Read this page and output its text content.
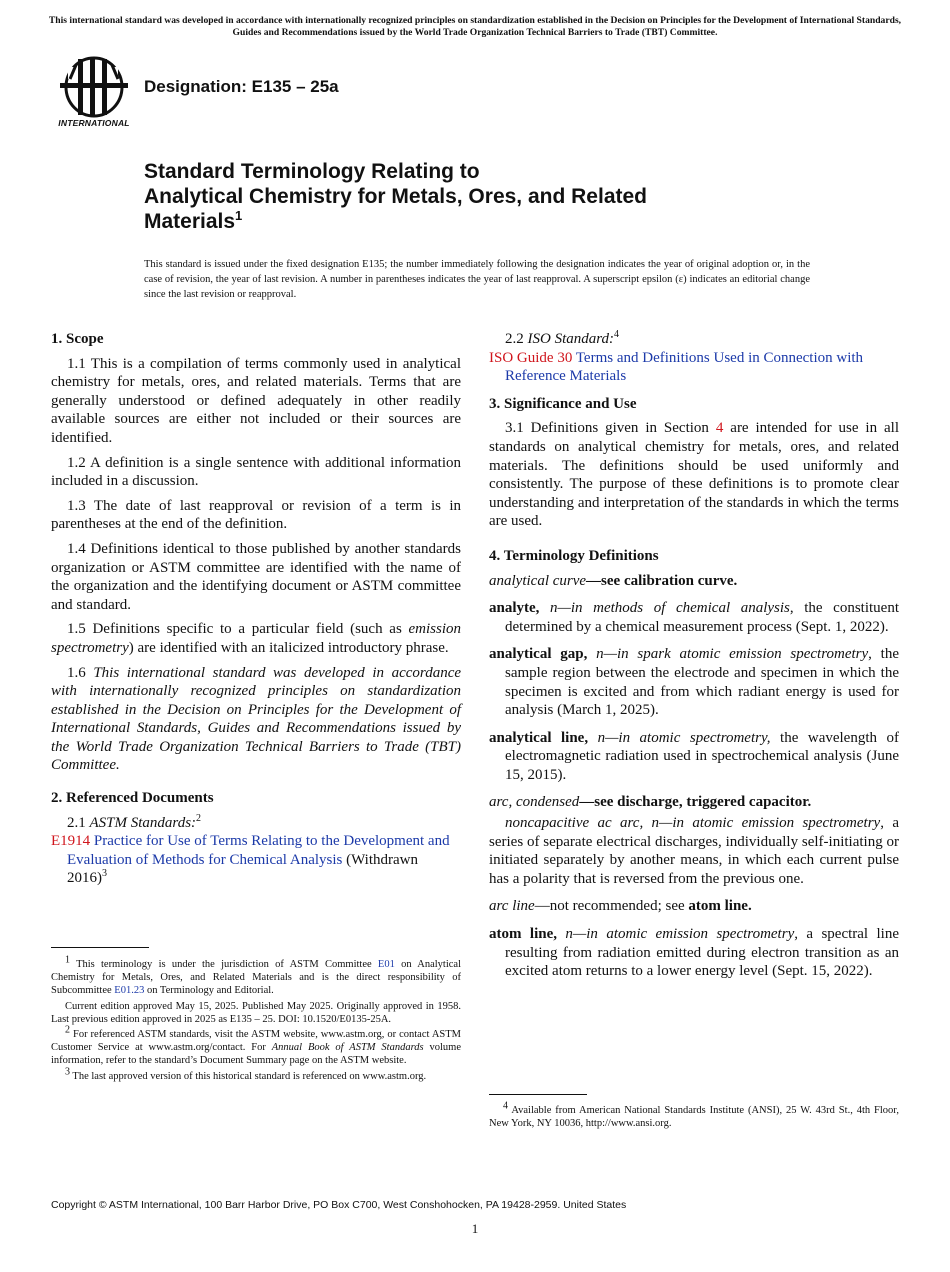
This international standard was developed in accordance with internationally recognized principles on standardization established in the Decision on Principles for the Development of International Standards, Guides and Recommendations issued by the World Trade Organization Technical Barriers to Trade (TBT) Committee.
INTERNATIONAL
Designation: E135 – 25a
Standard Terminology Relating to
Analytical Chemistry for Metals, Ores, and Related
Materials$^1$

This standard is issued under the fixed designation E135; the number immediately following the designation indicates the year of original adoption or, in the case of revision, the year of last revision. A number in parentheses indicates the year of last reapproval. A superscript epsilon (ε) indicates an editorial change since the last revision or reapproval.

1. Scope

1.1 This is a compilation of terms commonly used in analytical chemistry for metals, ores, and related materials. Terms that are generally understood or defined adequately in other readily available sources are either not included or their sources are identified.

1.2 A definition is a single sentence with additional information included in a discussion.

1.3 The date of last reapproval or revision of a term is in parentheses at the end of the definition.

1.4 Definitions identical to those published by another standards organization or ASTM committee are identified with the name of the organization and the identifying document or ASTM committee and standard.

1.5 Definitions specific to a particular field (such as emission spectrometry) are identified with an italicized introductory phrase.

1.6 This international standard was developed in accordance with internationally recognized principles on standardization established in the Decision on Principles for the Development of International Standards, Guides and Recommendations issued by the World Trade Organization Technical Barriers to Trade (TBT) Committee.

2. Referenced Documents

2.1 ASTM Standards:$^2$

E1914 Practice for Use of Terms Relating to the Development and Evaluation of Methods for Chemical Analysis (Withdrawn 2016)$^3$

$^1$ This terminology is under the jurisdiction of ASTM Committee E01 on Analytical Chemistry for Metals, Ores, and Related Materials and is the direct responsibility of Subcommittee E01.23 on Terminology and Editorial.

Current edition approved May 15, 2025. Published May 2025. Originally approved in 1958. Last previous edition approved in 2025 as E135 – 25. DOI: 10.1520/E0135-25A.

$^2$ For referenced ASTM standards, visit the ASTM website, www.astm.org, or contact ASTM Customer Service at www.astm.org/contact. For Annual Book of ASTM Standards volume information, refer to the standard’s Document Summary page on the ASTM website.

$^3$ The last approved version of this historical standard is referenced on www.astm.org.

2.2 ISO Standard:$^4$

ISO Guide 30 Terms and Definitions Used in Connection with Reference Materials

3. Significance and Use

3.1 Definitions given in Section 4 are intended for use in all standards on analytical chemistry for metals, ores, and related materials. The definitions should be used uniformly and consistently. The purpose of these definitions is to promote clear understanding and interpretation of the standards in which the terms are used.

4. Terminology Definitions

analytical curve—see calibration curve.

analyte, n—in methods of chemical analysis, the constituent determined by a chemical measurement process (Sept. 1, 2022).

analytical gap, n—in spark atomic emission spectrometry, the sample region between the electrode and specimen in which the specimen is excited and from which radiant energy is used for analysis (March 1, 2025).

analytical line, n—in atomic spectrometry, the wavelength of electromagnetic radiation used in spectrochemical analysis (June 15, 2015).

arc, condensed—see discharge, triggered capacitor.

noncapacitive ac arc, n—in atomic emission spectrometry, a series of separate electrical discharges, individually self-initiating or initiated separately by another means, in which each current pulse has a polarity that is reversed from the previous one.

arc line—not recommended; see atom line.

atom line, n—in atomic emission spectrometry, a spectral line resulting from radiation emitted during electron transition as an excited atom returns to a lower energy level (Sept. 15, 2022).

$^4$ Available from American National Standards Institute (ANSI), 25 W. 43rd St., 4th Floor, New York, NY 10036, http://www.ansi.org.

Copyright © ASTM International, 100 Barr Harbor Drive, PO Box C700, West Conshohocken, PA 19428-2959. United States
1
